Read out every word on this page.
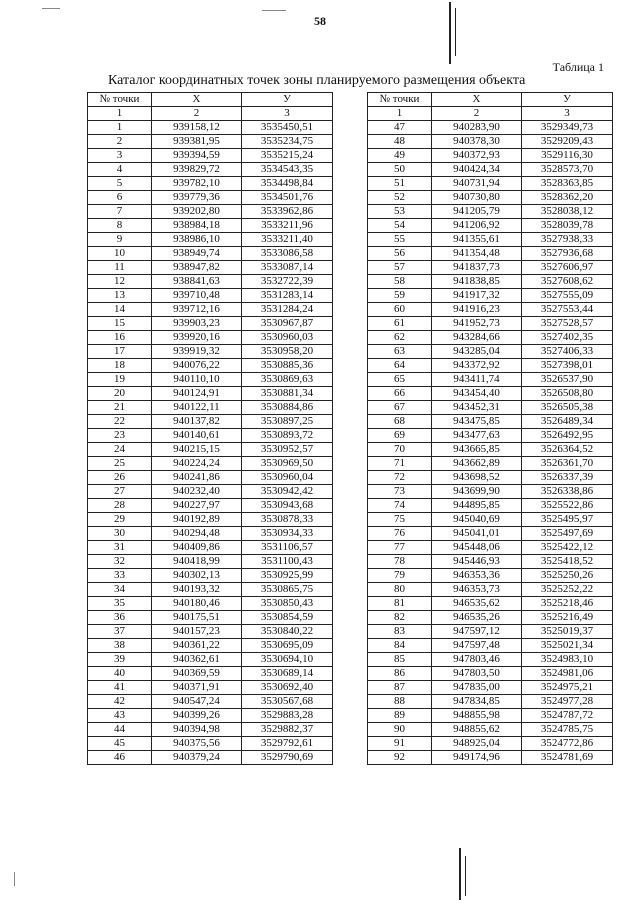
58
Таблица 1
Каталог координатных точек зоны планируемого размещения объекта
№ точки	X	У
1	2	3
1	939158,12	3535450,51
2	939381,95	3535234,75
3	939394,59	3535215,24
4	939829,72	3534543,35
5	939782,10	3534498,84
6	939779,36	3534501,76
7	939202,80	3533962,86
8	938984,18	3533211,96
9	938986,10	3533211,40
10	938949,74	3533086,58
11	938947,82	3533087,14
12	938841,63	3532722,39
13	939710,48	3531283,14
14	939712,16	3531284,24
15	939903,23	3530967,87
16	939920,16	3530960,03
17	939919,32	3530958,20
18	940076,22	3530885,36
19	940110,10	3530869,63
20	940124,91	3530881,34
21	940122,11	3530884,86
22	940137,82	3530897,25
23	940140,61	3530893,72
24	940215,15	3530952,57
25	940224,24	3530969,50
26	940241,86	3530960,04
27	940232,40	3530942,42
28	940227,97	3530943,68
29	940192,89	3530878,33
30	940294,48	3530934,33
31	940409,86	3531106,57
32	940418,99	3531100,43
33	940302,13	3530925,99
34	940193,32	3530865,75
35	940180,46	3530850,43
36	940175,51	3530854,59
37	940157,23	3530840,22
38	940361,22	3530695,09
39	940362,61	3530694,10
40	940369,59	3530689,14
41	940371,91	3530692,40
42	940547,24	3530567,68
43	940399,26	3529883,28
44	940394,98	3529882,37
45	940375,56	3529792,61
46	940379,24	3529790,69
№ точки	X	У
1	2	3
47	940283,90	3529349,73
48	940378,30	3529209,43
49	940372,93	3529116,30
50	940424,34	3528573,70
51	940731,94	3528363,85
52	940730,80	3528362,20
53	941205,79	3528038,12
54	941206,92	3528039,78
55	941355,61	3527938,33
56	941354,48	3527936,68
57	941837,73	3527606,97
58	941838,85	3527608,62
59	941917,32	3527555,09
60	941916,23	3527553,44
61	941952,73	3527528,57
62	943284,66	3527402,35
63	943285,04	3527406,33
64	943372,92	3527398,01
65	943411,74	3526537,90
66	943454,40	3526508,80
67	943452,31	3526505,38
68	943475,85	3526489,34
69	943477,63	3526492,95
70	943665,85	3526364,52
71	943662,89	3526361,70
72	943698,52	3526337,39
73	943699,90	3526338,86
74	944895,85	3525522,86
75	945040,69	3525495,97
76	945041,01	3525497,69
77	945448,06	3525422,12
78	945446,93	3525418,52
79	946353,36	3525250,26
80	946353,73	3525252,22
81	946535,62	3525218,46
82	946535,26	3525216,49
83	947597,12	3525019,37
84	947597,48	3525021,34
85	947803,46	3524983,10
86	947803,50	3524981,06
87	947835,00	3524975,21
88	947834,85	3524977,28
89	948855,98	3524787,72
90	948855,62	3524785,75
91	948925,04	3524772,86
92	949174,96	3524781,69
